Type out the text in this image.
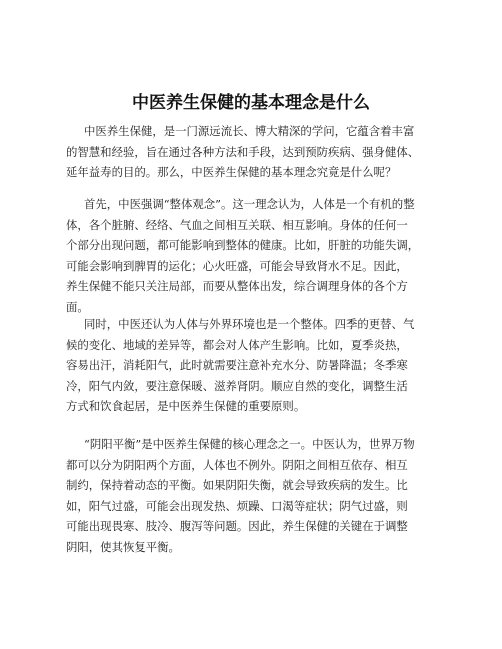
中医养生保健的基本理念是什么
中医养生保健，是一门源远流长、博大精深的学问，它蕴含着丰富
的智慧和经验，旨在通过各种方法和手段，达到预防疾病、强身健体、
延年益寿的目的。那么，中医养生保健的基本理念究竟是什么呢？
首先，中医强调“整体观念”。这一理念认为，人体是一个有机的整
体，各个脏腑、经络、气血之间相互关联、相互影响。身体的任何一
个部分出现问题，都可能影响到整体的健康。比如，肝脏的功能失调，
可能会影响到脾胃的运化；心火旺盛，可能会导致肾水不足。因此，
养生保健不能只关注局部，而要从整体出发，综合调理身体的各个方
面。
同时，中医还认为人体与外界环境也是一个整体。四季的更替、气
候的变化、地域的差异等，都会对人体产生影响。比如，夏季炎热，
容易出汗，消耗阳气，此时就需要注意补充水分、防暑降温；冬季寒
冷，阳气内敛，要注意保暖、滋养肾阴。顺应自然的变化，调整生活
方式和饮食起居，是中医养生保健的重要原则。
“阴阳平衡”是中医养生保健的核心理念之一。中医认为，世界万物
都可以分为阴阳两个方面，人体也不例外。阴阳之间相互依存、相互
制约，保持着动态的平衡。如果阴阳失衡，就会导致疾病的发生。比
如，阳气过盛，可能会出现发热、烦躁、口渴等症状；阴气过盛，则
可能出现畏寒、肢冷、腹泻等问题。因此，养生保健的关键在于调整
阴阳，使其恢复平衡。
